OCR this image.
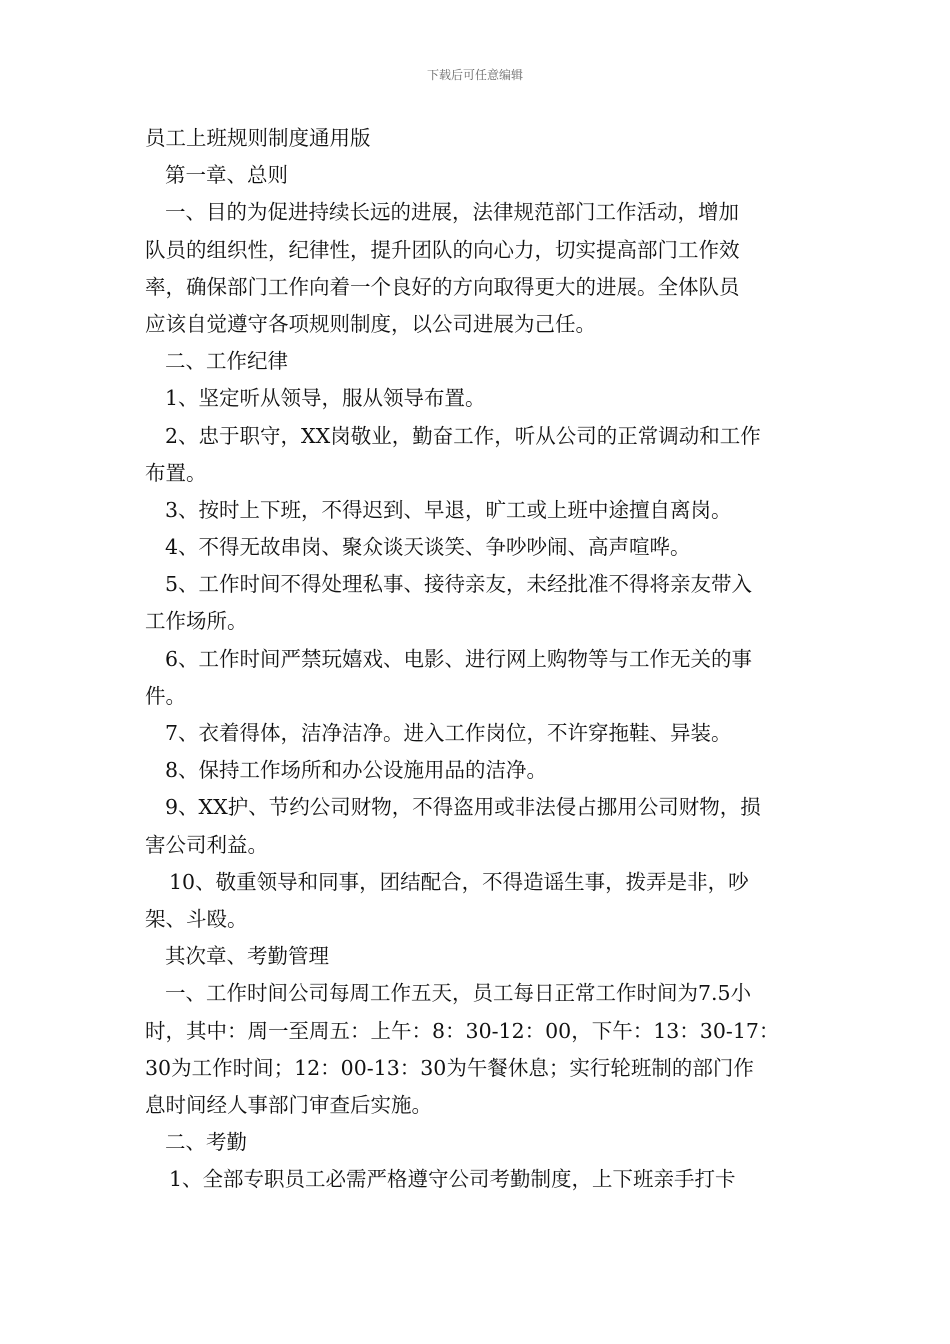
下载后可任意编辑
员工上班规则制度通用版
第一章、总则
一、目的为促进持续长远的进展，法律规范部门工作活动，增加
队员的组织性，纪律性，提升团队的向心力，切实提高部门工作效
率，确保部门工作向着一个良好的方向取得更大的进展。全体队员
应该自觉遵守各项规则制度，以公司进展为己任。
二、工作纪律
1、坚定听从领导，服从领导布置。
2、忠于职守，XX岗敬业，勤奋工作，听从公司的正常调动和工作
布置。
3、按时上下班，不得迟到、早退，旷工或上班中途擅自离岗。
4、不得无故串岗、聚众谈天谈笑、争吵吵闹、高声喧哗。
5、工作时间不得处理私事、接待亲友，未经批准不得将亲友带入
工作场所。
6、工作时间严禁玩嬉戏、电影、进行网上购物等与工作无关的事
件。
7、衣着得体，洁净洁净。进入工作岗位，不许穿拖鞋、异装。
8、保持工作场所和办公设施用品的洁净。
9、XX护、节约公司财物，不得盗用或非法侵占挪用公司财物，损
害公司利益。
10、敬重领导和同事，团结配合，不得造谣生事，拨弄是非，吵
架、斗殴。
其次章、考勤管理
一、工作时间公司每周工作五天，员工每日正常工作时间为7.5小
时，其中：周一至周五：上午：8：30-12：00，下午：13：30-17：
30为工作时间；12：00-13：30为午餐休息；实行轮班制的部门作
息时间经人事部门审查后实施。
二、考勤
1、全部专职员工必需严格遵守公司考勤制度，上下班亲手打卡
